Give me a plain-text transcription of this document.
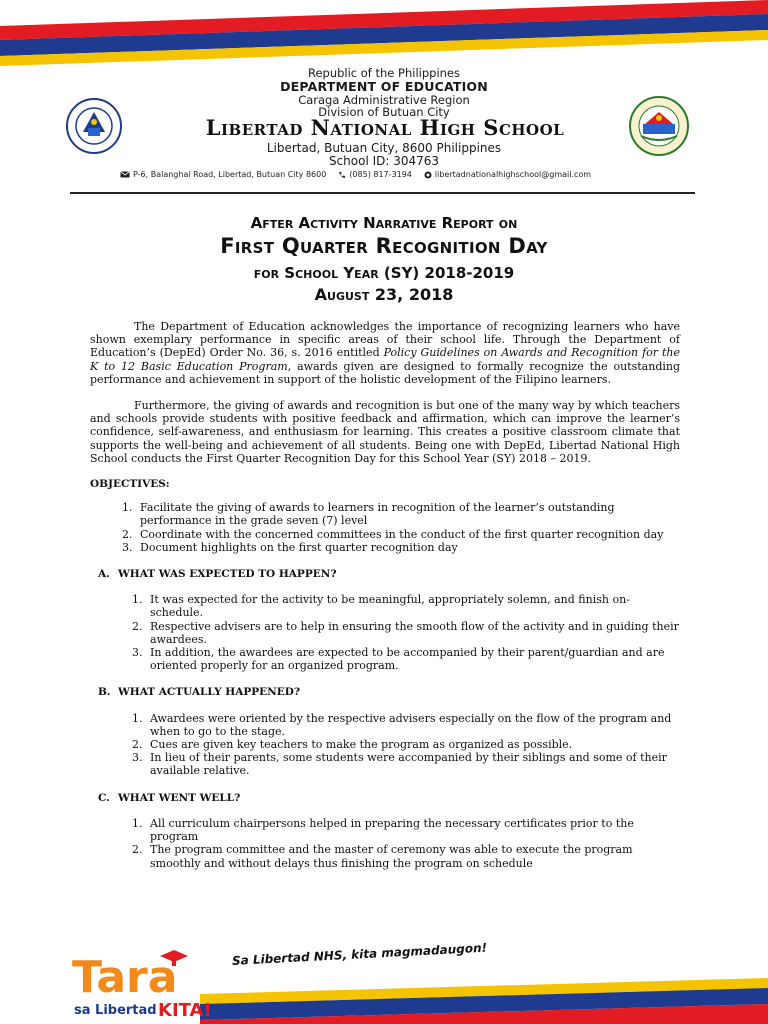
Republic of the Philippines
DEPARTMENT OF EDUCATION
Caraga Administrative Region
Division of Butuan City
Libertad National High School
Libertad, Butuan City, 8600 Philippines
School ID: 304763
P-6, Balanghai Road, Libertad, Butuan City 8600	(085) 817-3194	libertadnationalhighschool@gmail.com
After Activity Narrative Report on
First Quarter Recognition Day
for School Year (SY) 2018-2019
August 23, 2018

The Department of Education acknowledges the importance of recognizing learners who have shown exemplary performance in specific areas of their school life. Through the Department of Education’s (DepEd) Order No. 36, s. 2016 entitled Policy Guidelines on Awards and Recognition for the K to 12 Basic Education Program, awards given are designed to formally recognize the outstanding performance and achievement in support of the holistic development of the Filipino learners.

Furthermore, the giving of awards and recognition is but one of the many way by which teachers and schools provide students with positive feedback and affirmation, which can improve the learner’s confidence, self-awareness, and enthusiasm for learning. This creates a positive classroom climate that supports the well-being and achievement of all students. Being one with DepEd, Libertad National High School conducts the First Quarter Recognition Day for this School Year (SY) 2018 – 2019.

OBJECTIVES:
1. Facilitate the giving of awards to learners in recognition of the learner’s outstanding performance in the grade seven (7) level
2. Coordinate with the concerned committees in the conduct of the first quarter recognition day
3. Document highlights on the first quarter recognition day
A. WHAT WAS EXPECTED TO HAPPEN?
1. It was expected for the activity to be meaningful, appropriately solemn, and finish on-schedule.
2. Respective advisers are to help in ensuring the smooth flow of the activity and in guiding their awardees.
3. In addition, the awardees are expected to be accompanied by their parent/guardian and are oriented properly for an organized program.
B. WHAT ACTUALLY HAPPENED?
1. Awardees were oriented by the respective advisers especially on the flow of the program and when to go to the stage.
2. Cues are given key teachers to make the program as organized as possible.
3. In lieu of their parents, some students were accompanied by their siblings and some of their available relative.
C. WHAT WENT WELL?
1. All curriculum chairpersons helped in preparing the necessary certificates prior to the program
2. The program committee and the master of ceremony was able to execute the program smoothly and without delays thus finishing the program on schedule
Tara
sa Libertad KITA!
Sa Libertad NHS, kita magmadaugon!
